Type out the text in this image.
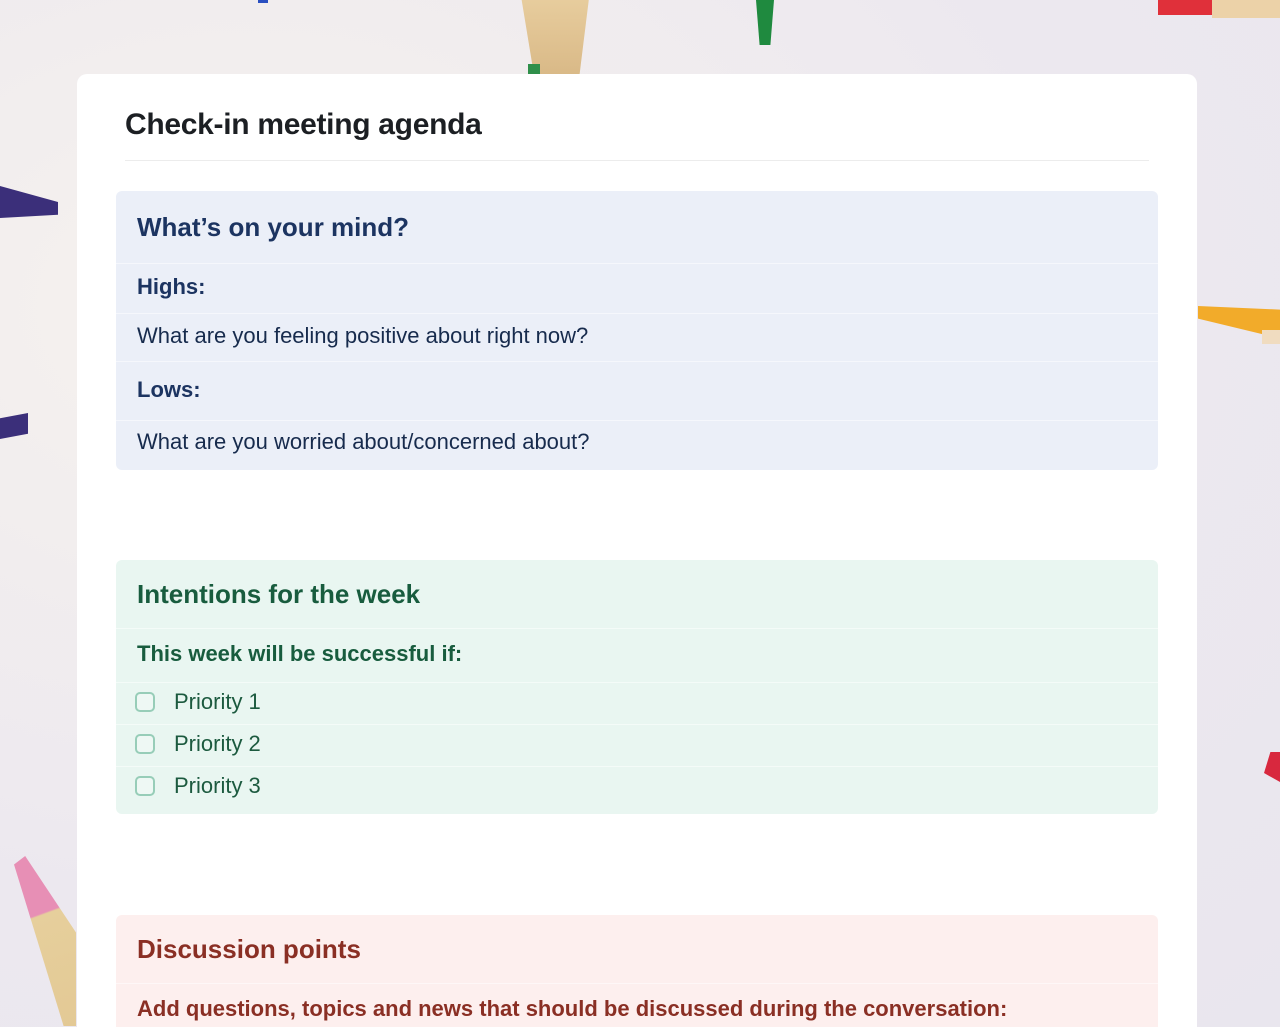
Check-in meeting agenda
What’s on your mind?
Highs:

What are you feeling positive about right now?

Lows:

What are you worried about/concerned about?

Intentions for the week
This week will be successful if:
Priority 1
Priority 2
Priority 3
Discussion points
Add questions, topics and news that should be discussed during the conversation:
